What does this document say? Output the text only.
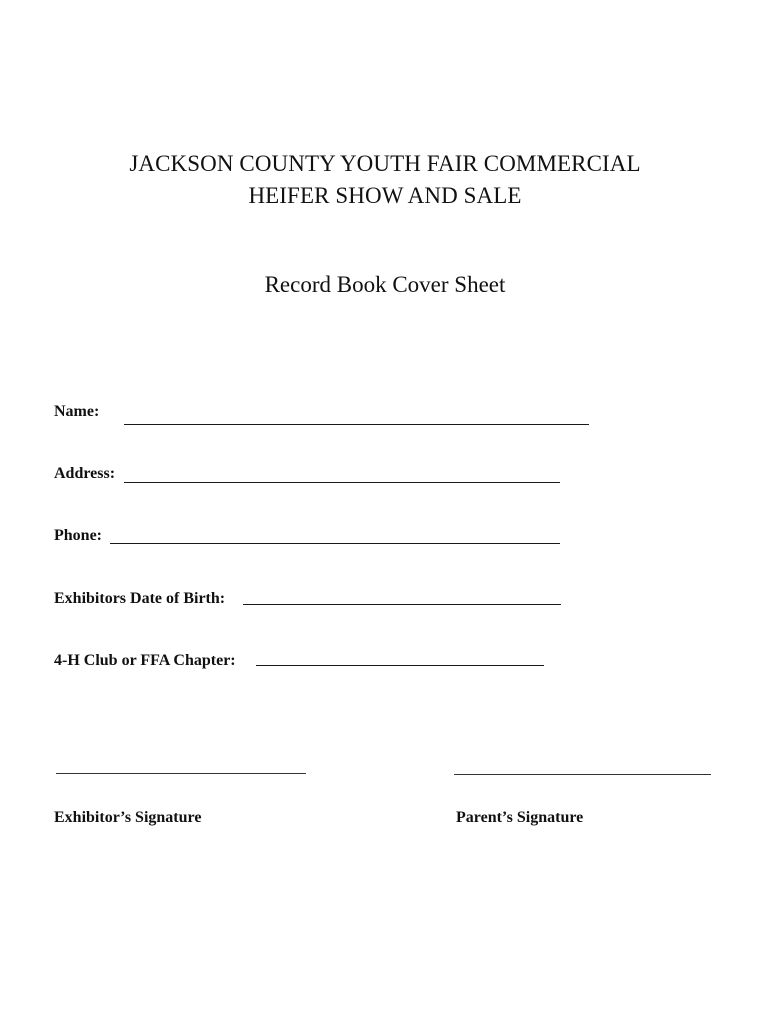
JACKSON COUNTY YOUTH FAIR COMMERCIAL
HEIFER SHOW AND SALE
Record Book Cover Sheet
Name:
Address:
Phone:
Exhibitors Date of Birth:
4-H Club or FFA Chapter:
Exhibitor’s Signature	Parent’s Signature
